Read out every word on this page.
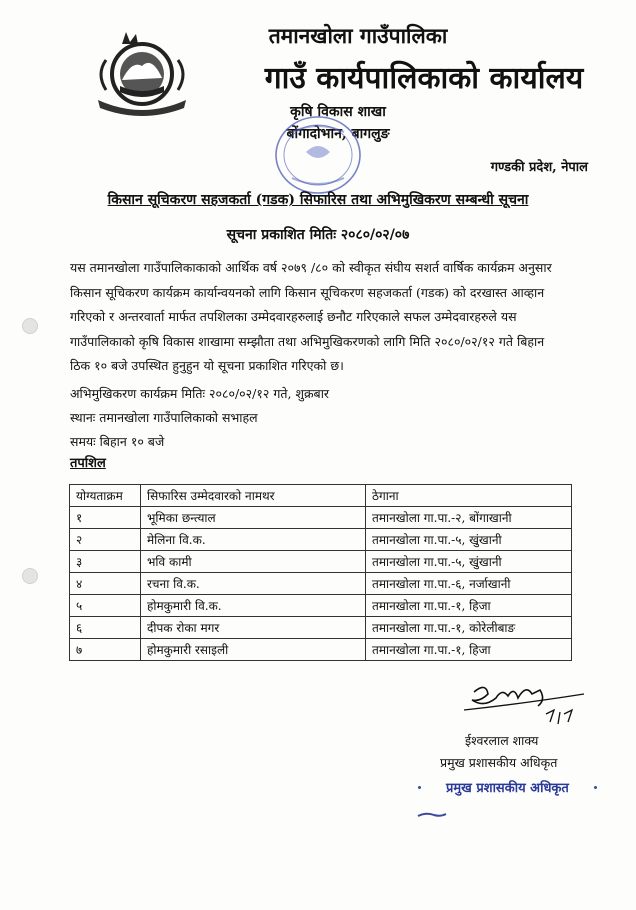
तमानखोला गाउँपालिका
गाउँ कार्यपालिकाको कार्यालय
कृषि विकास शाखा
बोंगादोभान, बागलुङ
गण्डकी प्रदेश, नेपाल
किसान सूचिकरण सहजकर्ता (गडक) सिफारिस तथा अभिमुखिकरण सम्बन्धी सूचना
सूचना प्रकाशित मितिः २०८०/०२/०७
यस तमानखोला गाउँपालिकाकाको आर्थिक वर्ष २०७९ /८० को स्वीकृत संघीय सशर्त वार्षिक कार्यक्रम अनुसार
किसान सूचिकरण कार्यक्रम कार्यान्वयनको लागि किसान सूचिकरण सहजकर्ता (गडक) को दरखास्त आव्हान
गरिएको र अन्तरवार्ता मार्फत तपशिलका उम्मेदवारहरुलाई छनौट गरिएकाले सफल उम्मेदवारहरुले यस
गाउँपालिकाको कृषि विकास शाखामा सम्झौता तथा अभिमुखिकरणको लागि मिति २०८०/०२/१२ गते बिहान
ठिक १० बजे उपस्थित हुनुहुन यो सूचना प्रकाशित गरिएको छ।
अभिमुखिकरण कार्यक्रम मितिः २०८०/०२/१२ गते, शुक्रबार
स्थानः तमानखोला गाउँपालिकाको सभाहल
समयः बिहान १० बजे
तपशिल
योग्यताक्रम	सिफारिस उम्मेदवारको नामथर	ठेगाना
१	भूमिका छन्त्याल	तमानखोला गा.पा.-२, बोंगाखानी
२	मेलिना वि.क.	तमानखोला गा.पा.-५, खुंखानी
३	भवि कामी	तमानखोला गा.पा.-५, खुंखानी
४	रचना वि.क.	तमानखोला गा.पा.-६, नर्जाखानी
५	होमकुमारी वि.क.	तमानखोला गा.पा.-१, हिजा
६	दीपक रोका मगर	तमानखोला गा.पा.-१, कोरेलीबाङ
७	होमकुमारी रसाइली	तमानखोला गा.पा.-१, हिजा
ईश्वरलाल शाक्य
प्रमुख प्रशासकीय अधिकृत
प्रमुख प्रशासकीय अधिकृत
